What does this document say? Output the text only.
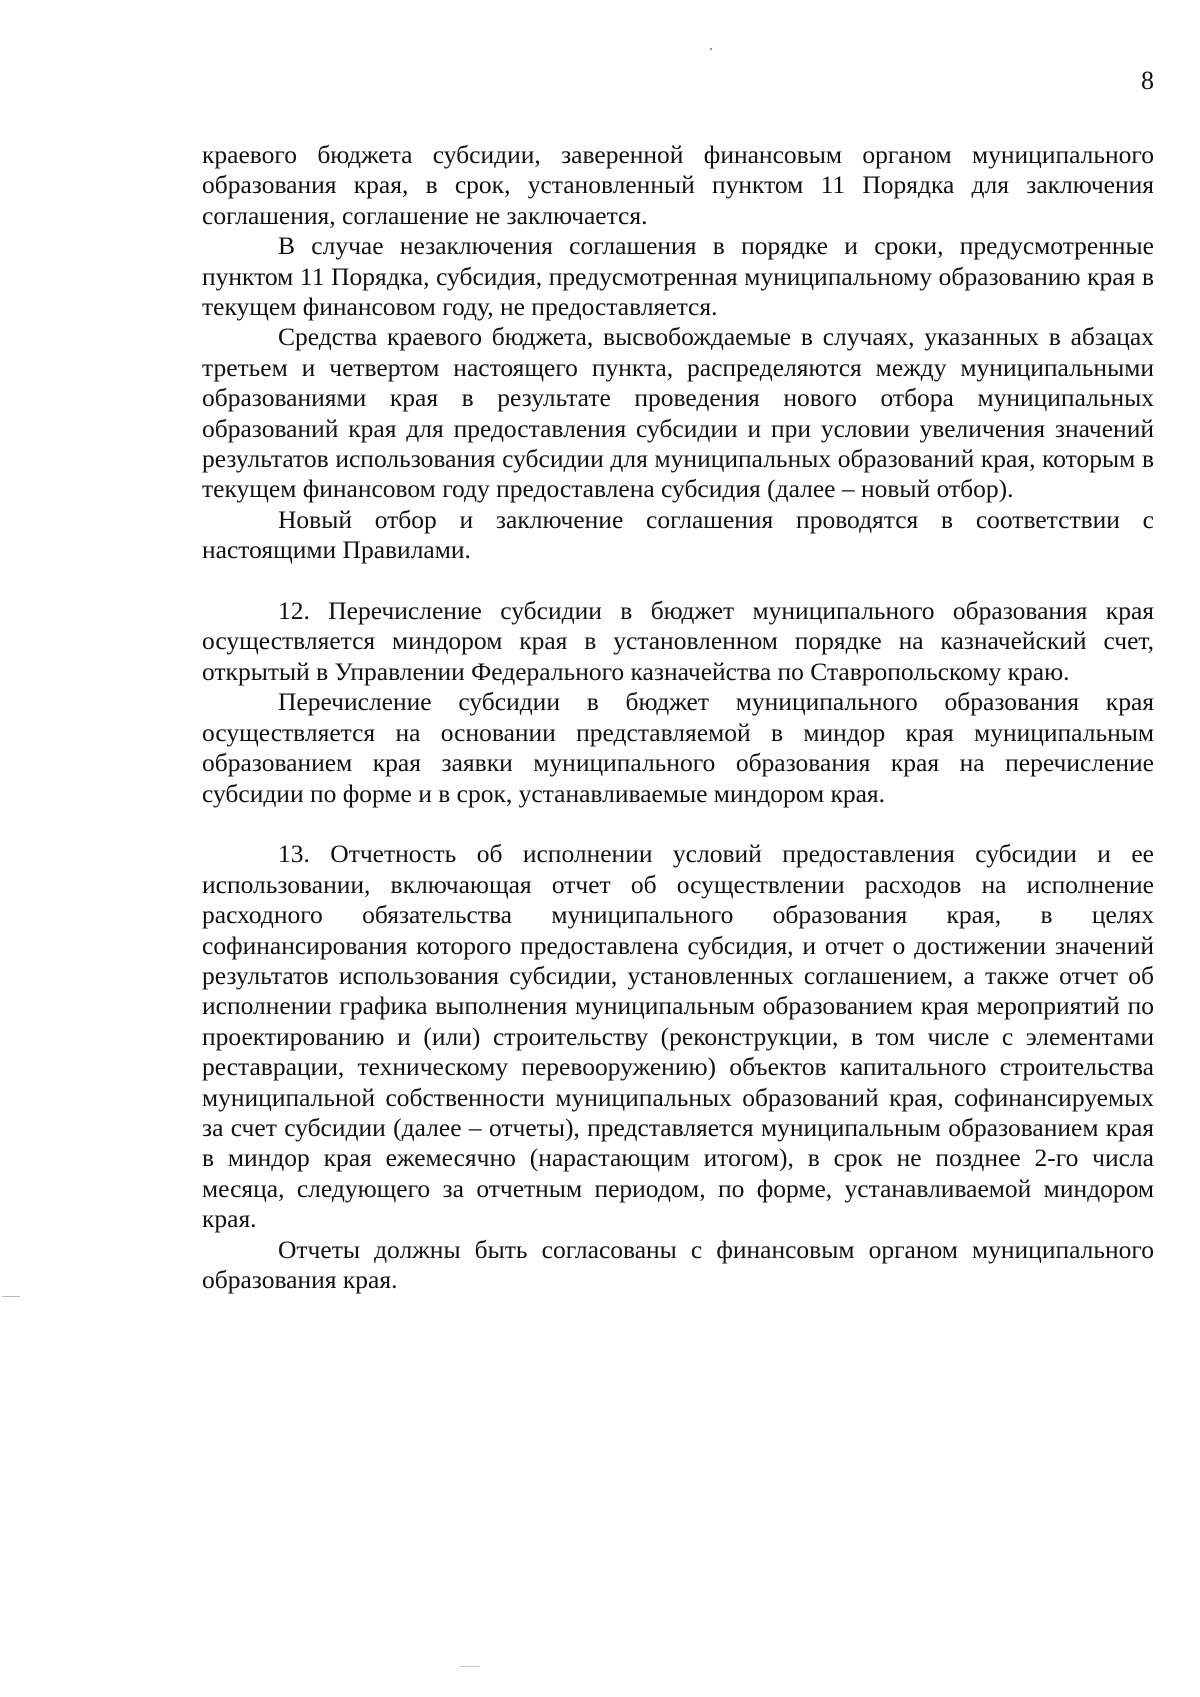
8

краевого бюджета субсидии, заверенной финансовым органом муниципального образования края, в срок, установленный пунктом 11 Порядка для заключения соглашения, соглашение не заключается.

В случае незаключения соглашения в порядке и сроки, предусмотренные пунктом 11 Порядка, субсидия, предусмотренная муниципальному образованию края в текущем финансовом году, не предоставляется.

Средства краевого бюджета, высвобождаемые в случаях, указанных в абзацах третьем и четвертом настоящего пункта, распределяются между муниципальными образованиями края в результате проведения нового отбора муниципальных образований края для предоставления субсидии и при условии увеличения значений результатов использования субсидии для муниципальных образований края, которым в текущем финансовом году предоставлена субсидия (далее – новый отбор).

Новый отбор и заключение соглашения проводятся в соответствии с настоящими Правилами.

12. Перечисление субсидии в бюджет муниципального образования края осуществляется миндором края в установленном порядке на казначейский счет, открытый в Управлении Федерального казначейства по Ставропольскому краю.

Перечисление субсидии в бюджет муниципального образования края осуществляется на основании представляемой в миндор края муниципальным образованием края заявки муниципального образования края на перечисление субсидии по форме и в срок, устанавливаемые миндором края.

13. Отчетность об исполнении условий предоставления субсидии и ее использовании, включающая отчет об осуществлении расходов на исполнение расходного обязательства муниципального образования края, в целях софинансирования которого предоставлена субсидия, и отчет о достижении значений результатов использования субсидии, установленных соглашением, а также отчет об исполнении графика выполнения муниципальным образованием края мероприятий по проектированию и (или) строительству (реконструкции, в том числе с элементами реставрации, техническому перевооружению) объектов капитального строительства муниципальной собственности муниципальных образований края, софинансируемых за счет субсидии (далее – отчеты), представляется муниципальным образованием края в миндор края ежемесячно (нарастающим итогом), в срок не позднее 2-го числа месяца, следующего за отчетным периодом, по форме, устанавливаемой миндором края.

Отчеты должны быть согласованы с финансовым органом муниципального образования края.
